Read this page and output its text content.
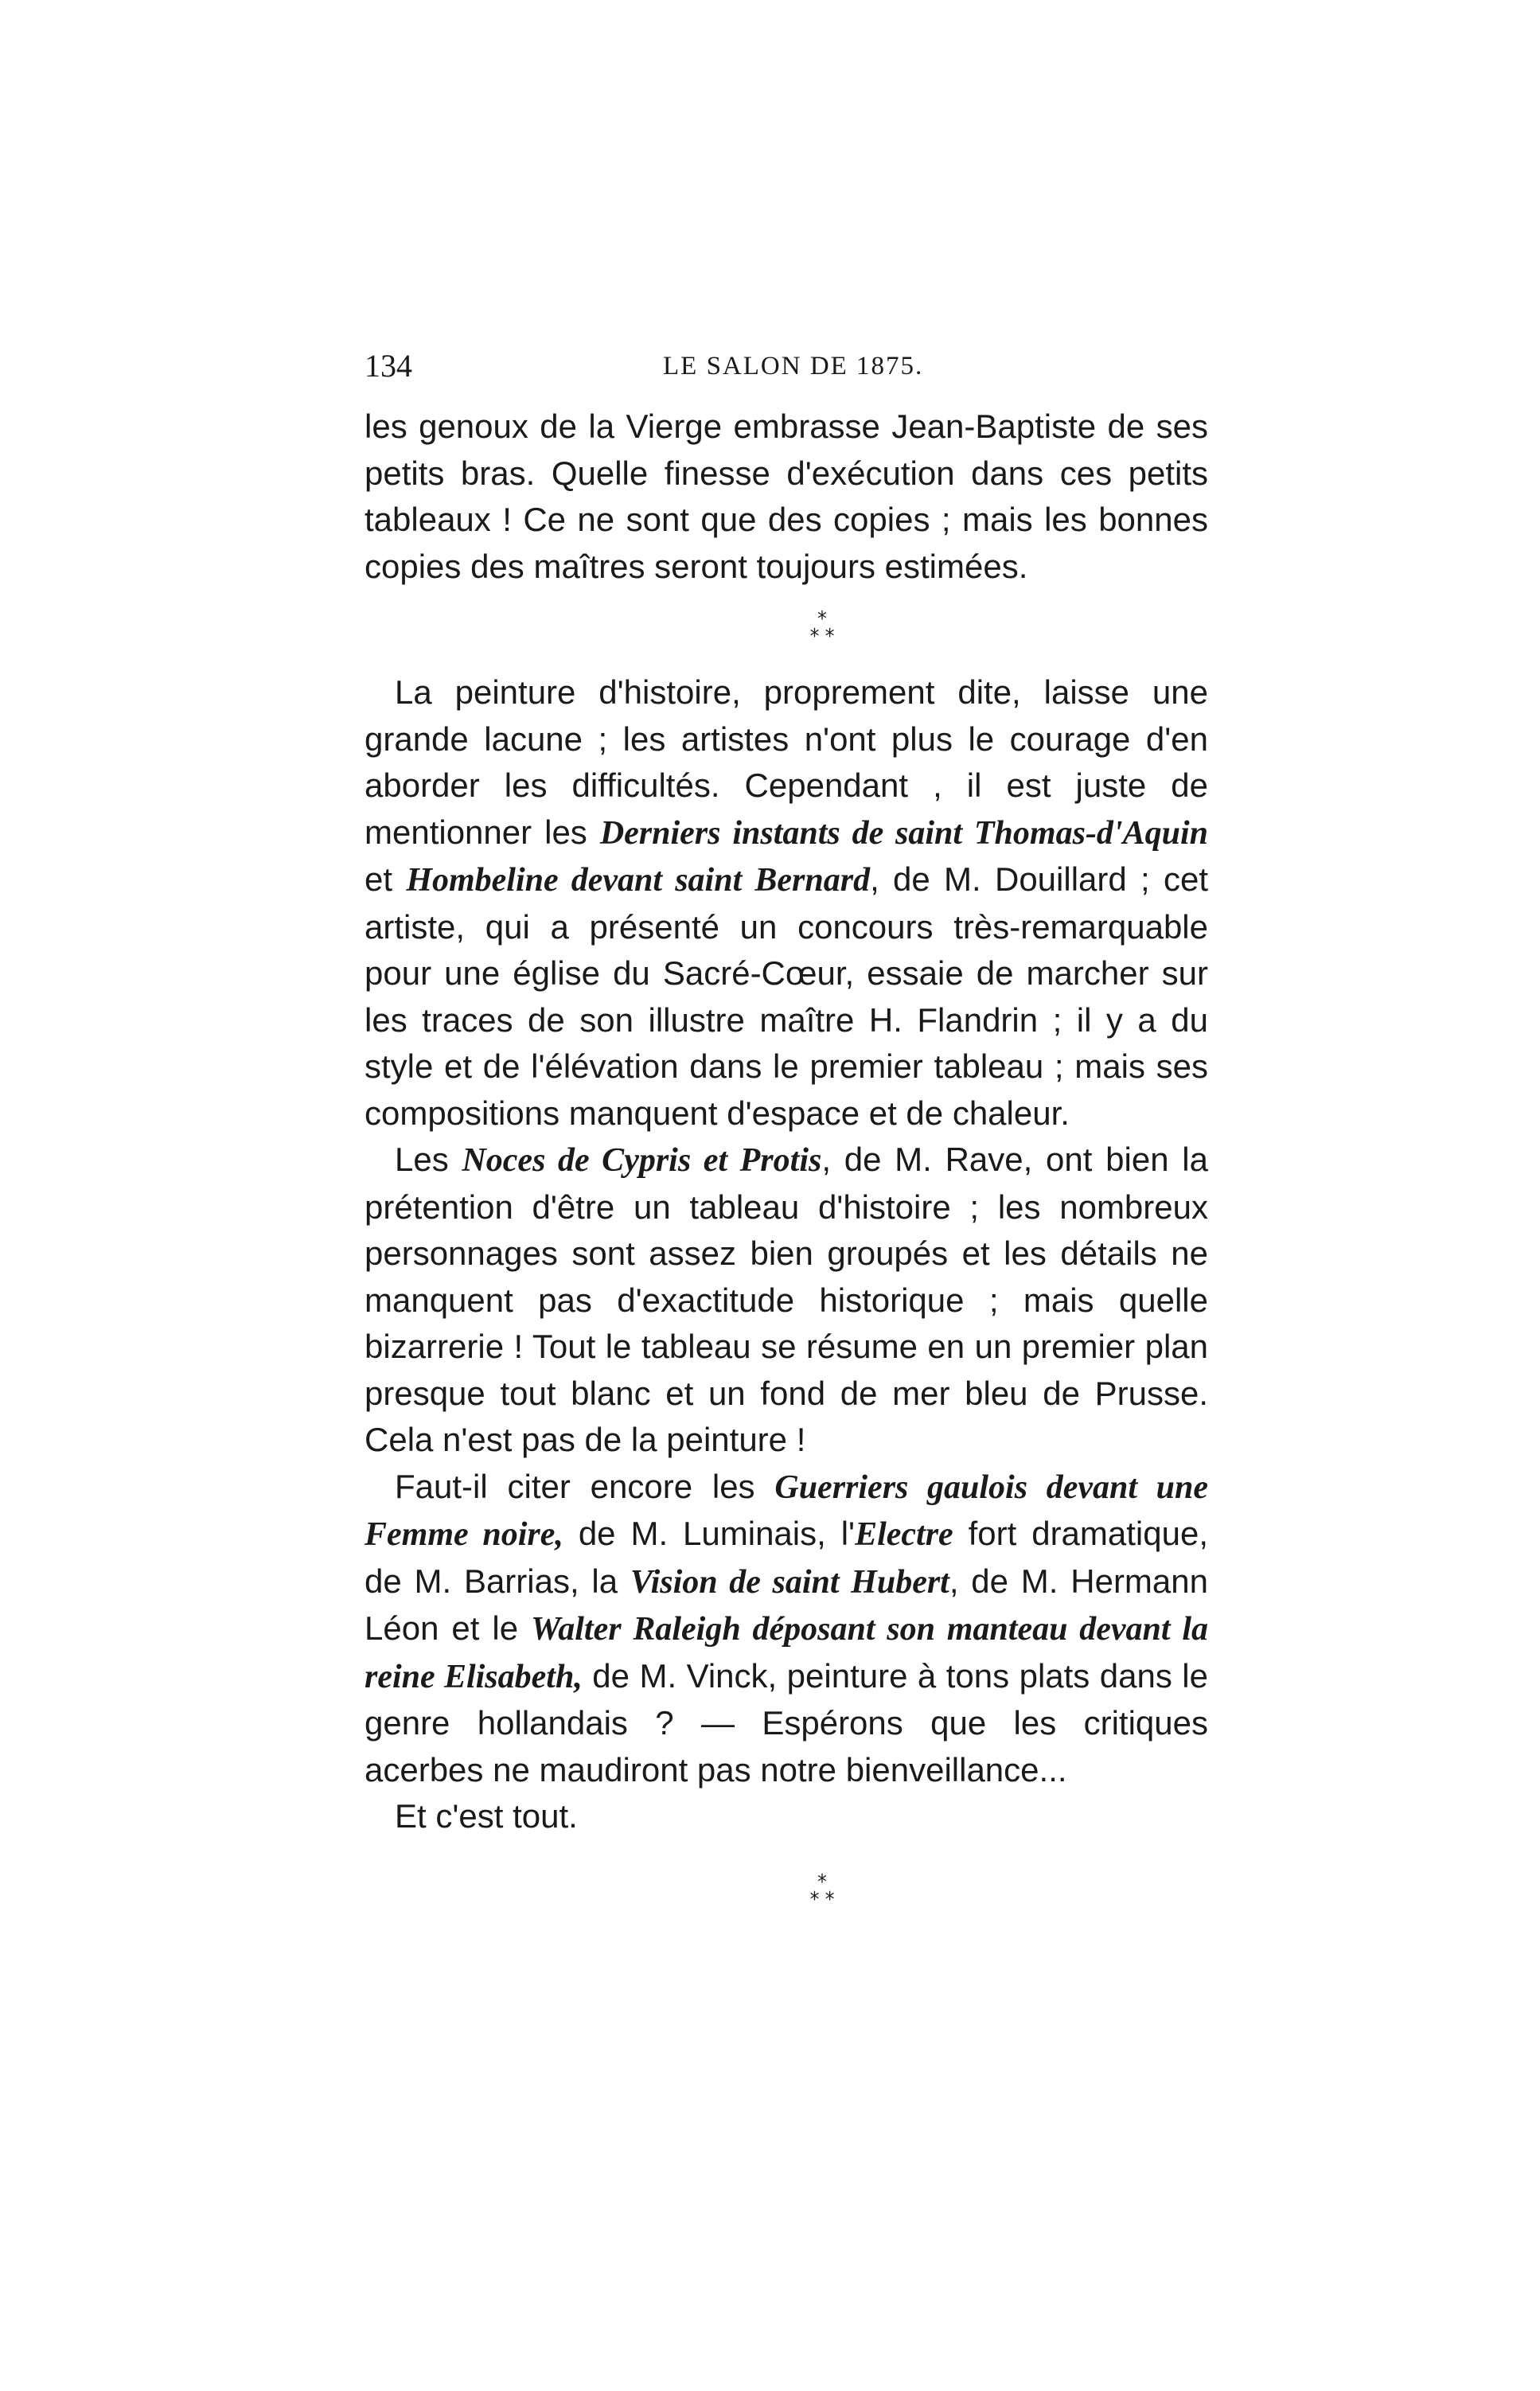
134	LE SALON DE 1875.

les genoux de la Vierge embrasse Jean-Baptiste de ses petits bras. Quelle finesse d'exécution dans ces petits tableaux ! Ce ne sont que des copies ; mais les bonnes copies des maîtres seront toujours estimées.

*
* *

La peinture d'histoire, proprement dite, laisse une grande lacune ; les artistes n'ont plus le courage d'en aborder les difficultés. Cependant , il est juste de mentionner les Derniers instants de saint Thomas-d'Aquin et Hombeline devant saint Bernard, de M. Douillard ; cet artiste, qui a présenté un concours très-remarquable pour une église du Sacré-Cœur, essaie de marcher sur les traces de son illustre maître H. Flandrin ; il y a du style et de l'élévation dans le premier tableau ; mais ses compositions manquent d'espace et de chaleur.

Les Noces de Cypris et Protis, de M. Rave, ont bien la prétention d'être un tableau d'histoire ; les nombreux personnages sont assez bien groupés et les détails ne manquent pas d'exactitude historique ; mais quelle bizarrerie ! Tout le tableau se résume en un premier plan presque tout blanc et un fond de mer bleu de Prusse. Cela n'est pas de la peinture !

Faut-il citer encore les Guerriers gaulois devant une Femme noire, de M. Luminais, l'Electre fort dramatique, de M. Barrias, la Vision de saint Hubert, de M. Hermann Léon et le Walter Raleigh déposant son manteau devant la reine Elisabeth, de M. Vinck, peinture à tons plats dans le genre hollandais ? — Espérons que les critiques acerbes ne maudiront pas notre bienveillance...

Et c'est tout.

*
* *
